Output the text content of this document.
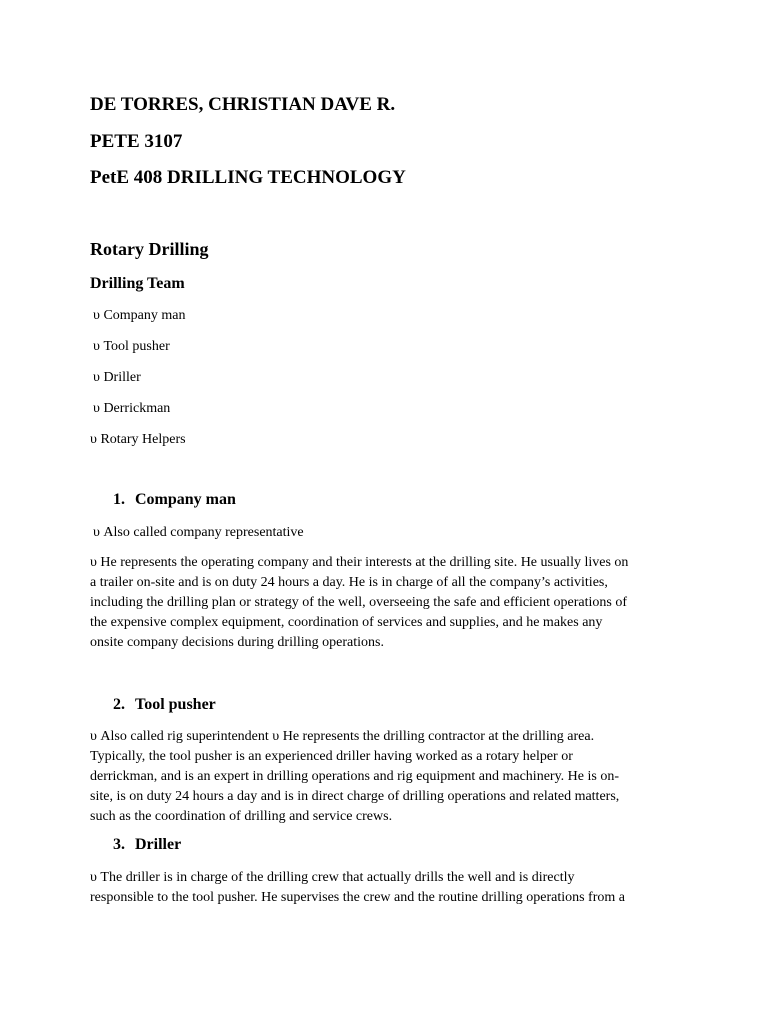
DE TORRES, CHRISTIAN DAVE R.
PETE 3107
PetE 408 DRILLING TECHNOLOGY
Rotary Drilling
Drilling Team
υ Company man
υ Tool pusher
υ Driller
υ Derrickman
υ Rotary Helpers
1. Company man
υ Also called company representative
υ He represents the operating company and their interests at the drilling site. He usually lives on
a trailer on-site and is on duty 24 hours a day. He is in charge of all the company’s activities,
including the drilling plan or strategy of the well, overseeing the safe and efficient operations of
the expensive complex equipment, coordination of services and supplies, and he makes any
onsite company decisions during drilling operations.
2. Tool pusher
υ Also called rig superintendent υ He represents the drilling contractor at the drilling area.
Typically, the tool pusher is an experienced driller having worked as a rotary helper or
derrickman, and is an expert in drilling operations and rig equipment and machinery. He is on-
site, is on duty 24 hours a day and is in direct charge of drilling operations and related matters,
such as the coordination of drilling and service crews.
3. Driller
υ The driller is in charge of the drilling crew that actually drills the well and is directly
responsible to the tool pusher. He supervises the crew and the routine drilling operations from a
